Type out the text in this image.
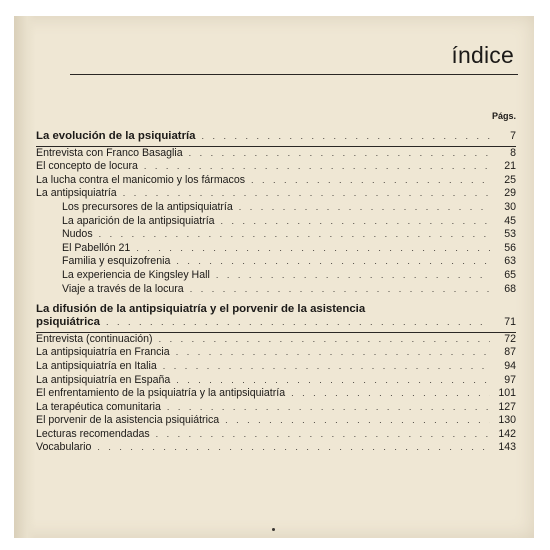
índice
Págs.
La evolución de la psiquiatría . . .	7
Entrevista con Franco Basaglia . . .	8
El concepto de locura . . .	21
La lucha contra el manicomio y los fármacos . . .	25
La antipsiquiatría . . .	29
Los precursores de la antipsiquiatría . . .	30
La aparición de la antipsiquiatría . . .	45
Nudos . . .	53
El Pabellón 21 . . .	56
Familia y esquizofrenia . . .	63
La experiencia de Kingsley Hall . . .	65
Viaje a través de la locura . . .	68
La difusión de la antipsiquiatría y el porvenir de la asistencia
psiquiátrica . . .	71
Entrevista (continuación) . . .	72
La antipsiquiatría en Francia . . .	87
La antipsiquiatría en Italia . . .	94
La antipsiquiatría en España . . .	97
El enfrentamiento de la psiquiatría y la antipsiquiatría . . .	101
La terapéutica comunitaria . . .	127
El porvenir de la asistencia psiquiátrica . . .	130
Lecturas recomendadas . . .	142
Vocabulario . . .	143
